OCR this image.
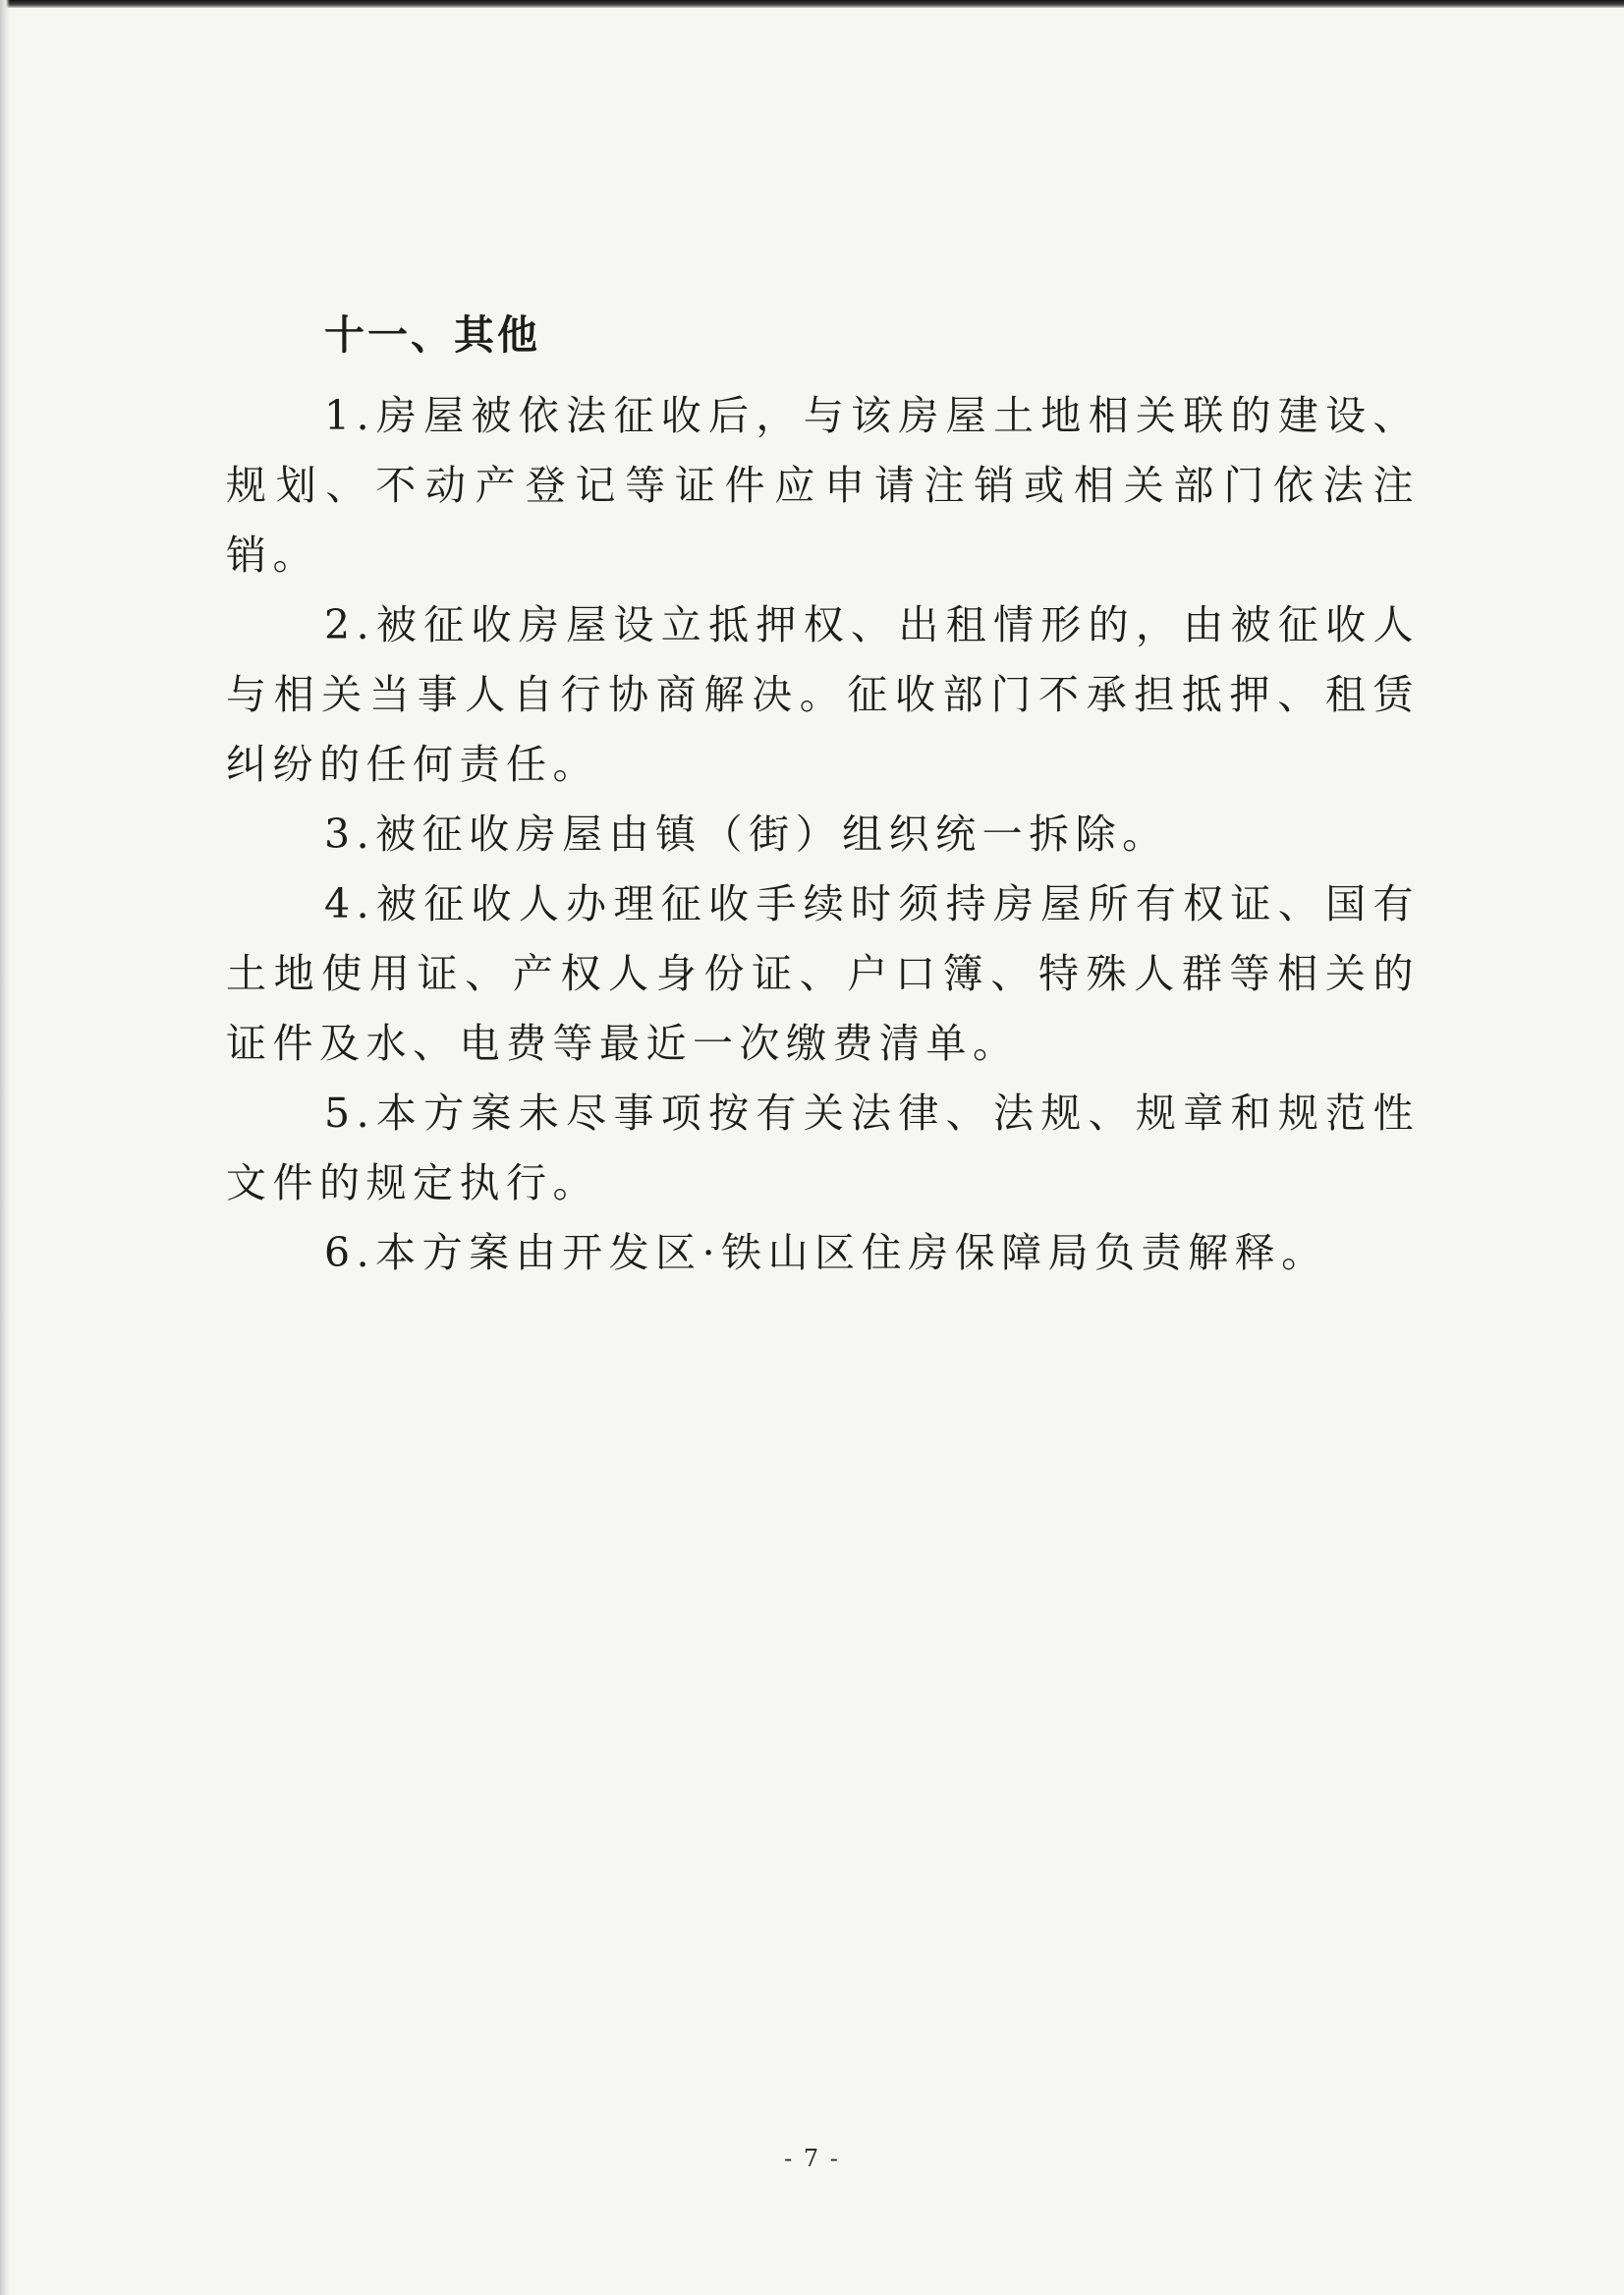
十一、其他

1.房屋被依法征收后，与该房屋土地相关联的建设、规划、不动产登记等证件应申请注销或相关部门依法注销。

2.被征收房屋设立抵押权、出租情形的，由被征收人与相关当事人自行协商解决。征收部门不承担抵押、租赁纠纷的任何责任。

3.被征收房屋由镇（街）组织统一拆除。

4.被征收人办理征收手续时须持房屋所有权证、国有土地使用证、产权人身份证、户口簿、特殊人群等相关的证件及水、电费等最近一次缴费清单。

5.本方案未尽事项按有关法律、法规、规章和规范性文件的规定执行。

6.本方案由开发区·铁山区住房保障局负责解释。

- 7 -
